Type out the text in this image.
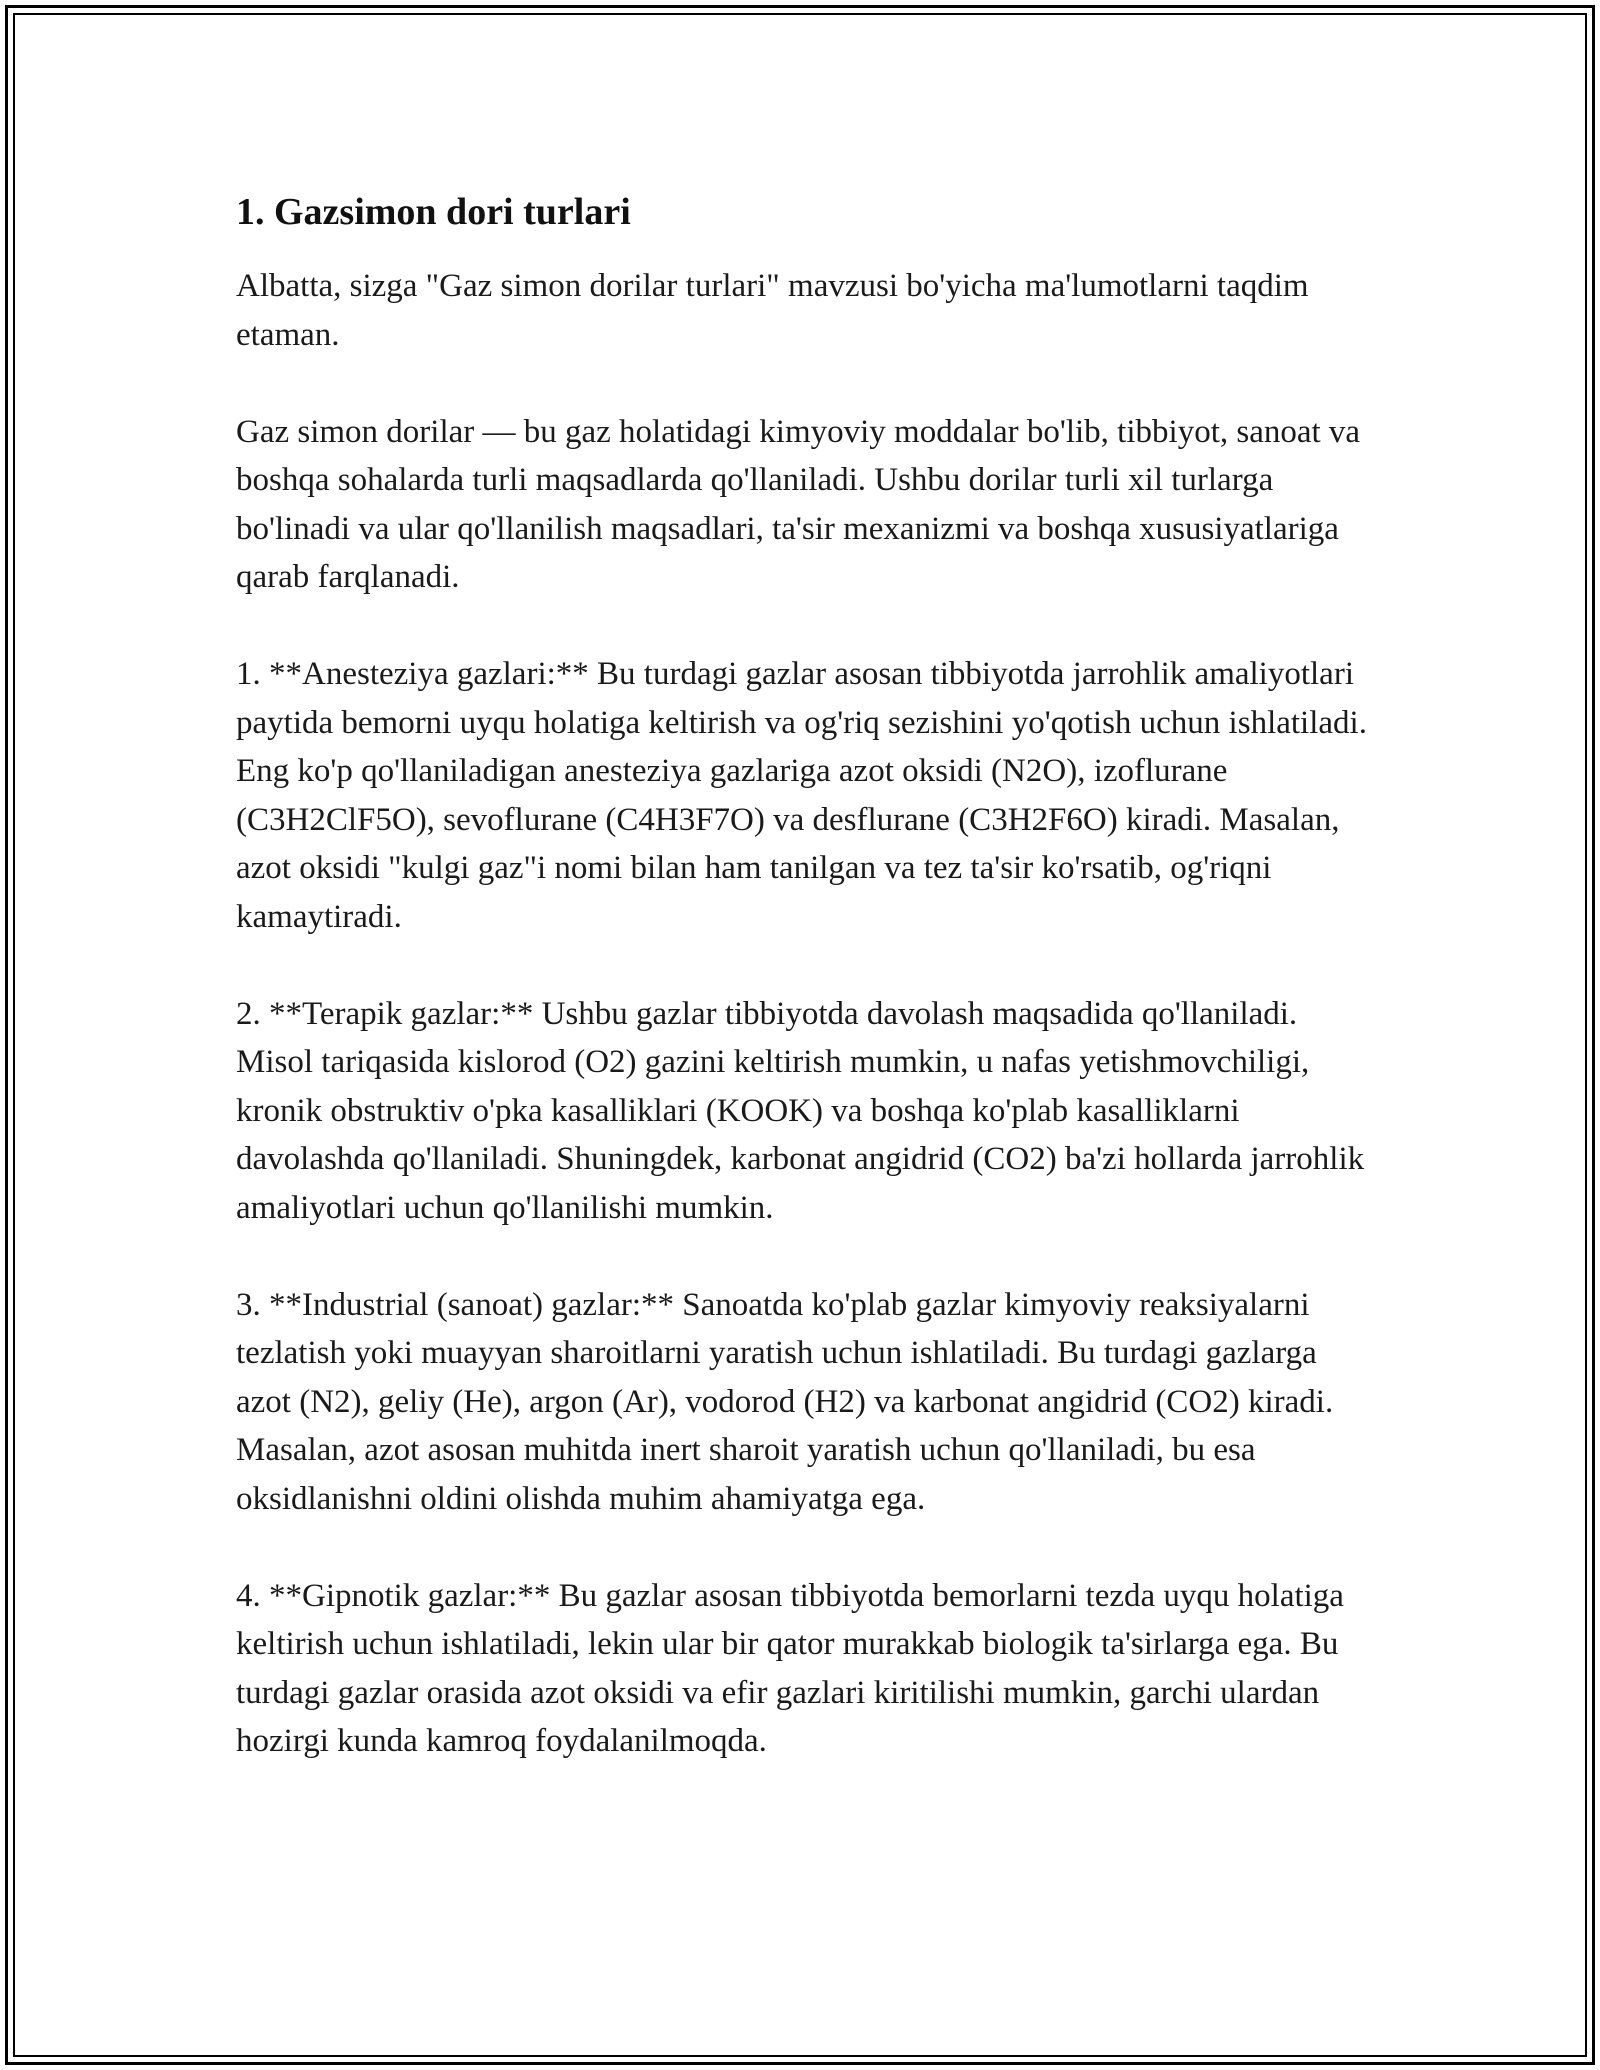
1. Gazsimon dori turlari

Albatta, sizga "Gaz simon dorilar turlari" mavzusi bo'yicha ma'lumotlarni taqdim etaman.

Gaz simon dorilar — bu gaz holatidagi kimyoviy moddalar bo'lib, tibbiyot, sanoat va boshqa sohalarda turli maqsadlarda qo'llaniladi. Ushbu dorilar turli xil turlarga bo'linadi va ular qo'llanilish maqsadlari, ta'sir mexanizmi va boshqa xususiyatlariga qarab farqlanadi.

1. **Anesteziya gazlari:** Bu turdagi gazlar asosan tibbiyotda jarrohlik amaliyotlari paytida bemorni uyqu holatiga keltirish va og'riq sezishini yo'qotish uchun ishlatiladi. Eng ko'p qo'llaniladigan anesteziya gazlariga azot oksidi (N2O), izoflurane (C3H2ClF5O), sevoflurane (C4H3F7O) va desflurane (C3H2F6O) kiradi. Masalan, azot oksidi "kulgi gaz"i nomi bilan ham tanilgan va tez ta'sir ko'rsatib, og'riqni kamaytiradi.

2. **Terapik gazlar:** Ushbu gazlar tibbiyotda davolash maqsadida qo'llaniladi. Misol tariqasida kislorod (O2) gazini keltirish mumkin, u nafas yetishmovchiligi, kronik obstruktiv o'pka kasalliklari (KOOK) va boshqa ko'plab kasalliklarni davolashda qo'llaniladi. Shuningdek, karbonat angidrid (CO2) ba'zi hollarda jarrohlik amaliyotlari uchun qo'llanilishi mumkin.

3. **Industrial (sanoat) gazlar:** Sanoatda ko'plab gazlar kimyoviy reaksiyalarni tezlatish yoki muayyan sharoitlarni yaratish uchun ishlatiladi. Bu turdagi gazlarga azot (N2), geliy (He), argon (Ar), vodorod (H2) va karbonat angidrid (CO2) kiradi. Masalan, azot asosan muhitda inert sharoit yaratish uchun qo'llaniladi, bu esa oksidlanishni oldini olishda muhim ahamiyatga ega.

4. **Gipnotik gazlar:** Bu gazlar asosan tibbiyotda bemorlarni tezda uyqu holatiga keltirish uchun ishlatiladi, lekin ular bir qator murakkab biologik ta'sirlarga ega. Bu turdagi gazlar orasida azot oksidi va efir gazlari kiritilishi mumkin, garchi ulardan hozirgi kunda kamroq foydalanilmoqda.
